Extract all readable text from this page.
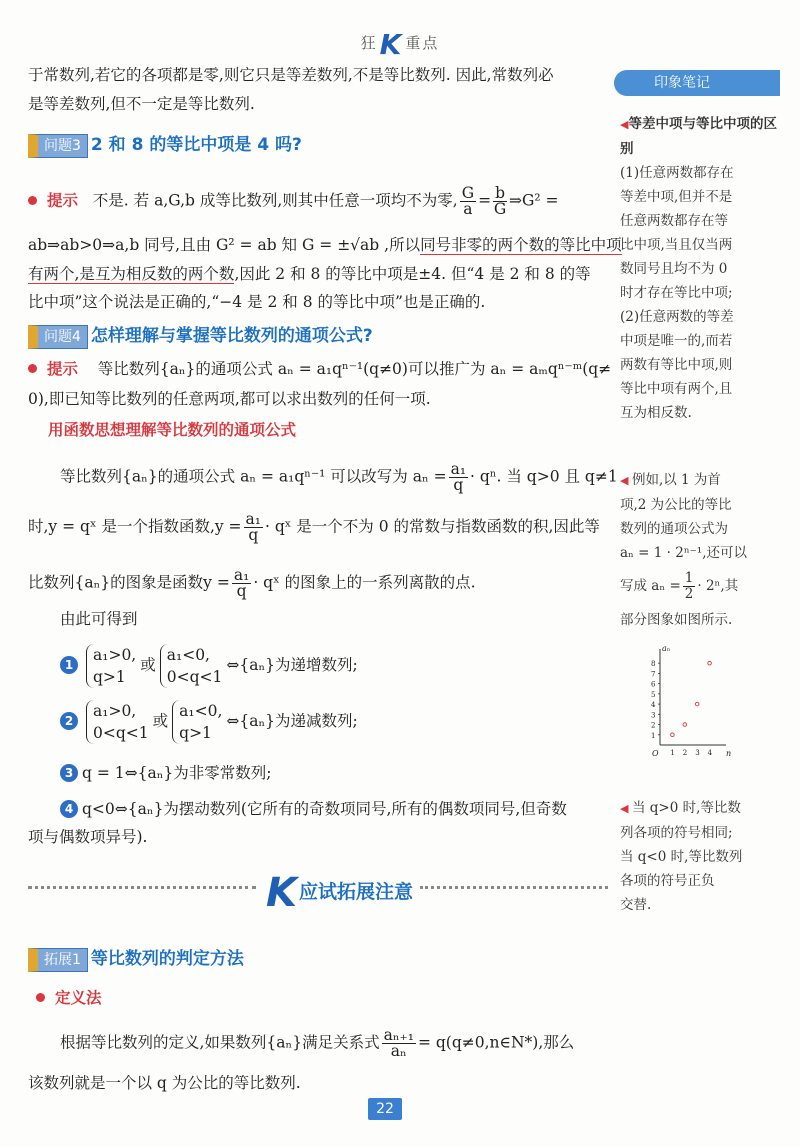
狂K 重点
于常数列,若它的各项都是零,则它只是等差数列,不是等比数列. 因此,常数列必
是等差数列,但不一定是等比数列.
问题3 2 和 8 的等比中项是 4 吗?
提示 不是. 若 a,G,b 成等比数列,则其中任意一项均不为零, $\frac{G}{a} = \frac{b}{G}$ ⇒G² =
ab⇒ab>0⇒a,b 同号,且由 G² = ab 知 G = ±√ab ,所以同号非零的两个数的等比中项
有两个,是互为相反数的两个数,因此 2 和 8 的等比中项是±4. 但“4 是 2 和 8 的等
比中项”这个说法是正确的,“−4 是 2 和 8 的等比中项”也是正确的.
问题4 怎样理解与掌握等比数列的通项公式?
提示 等比数列{aₙ}的通项公式 aₙ = a₁qⁿ⁻¹(q≠0)可以推广为 aₙ = aₘqⁿ⁻ᵐ(q≠
0),即已知等比数列的任意两项,都可以求出数列的任何一项.
用函数思想理解等比数列的通项公式
等比数列{aₙ}的通项公式 aₙ = a₁qⁿ⁻¹ 可以改写为 $a_n = \frac{\text{a₁}}{q} \cdot q^n$. 当 q>0 且 q≠1
时,y = qˣ 是一个指数函数$,y = \frac{\text{a₁}}{q}$ · qˣ 是一个不为 0 的常数与指数函数的积,因此等
比数列{aₙ}的图象是函数$y = \frac{\text{a₁}}{q}$ · qˣ 的图象上的一系列离散的点.
由此可得到
1
a₁>0,
q>1
或
a₁<0,
0<q<1
⇔{aₙ}为递增数列;
2
a₁>0,
0<q<1
或
a₁<0,
q>1
⇔{aₙ}为递减数列;
3 q = 1⇔{aₙ}为非零常数列;
4 q<0⇔{aₙ}为摆动数列(它所有的奇数项同号,所有的偶数项同号,但奇数
项与偶数项异号).
K应试拓展注意
拓展1 等比数列的判定方法
定义法
根据等比数列的定义,如果数列{aₙ}满足关系式 $\frac{\text{aₙ₊₁}}{\text{aₙ}}$ = q(q≠0,n∈N*),那么
该数列就是一个以 q 为公比的等比数列.
印象笔记
◀等差中项与等比中项的区别
(1)任意两数都存在
等差中项,但并不是
任意两数都存在等
比中项,当且仅当两
数同号且均不为 0
时才存在等比中项;
(2)任意两数的等差
中项是唯一的,而若
两数有等比中项,则
等比中项有两个,且
互为相反数.
◀ 例如,以 1 为首
项,2 为公比的等比
数列的通项公式为
aₙ = 1 · 2ⁿ⁻¹,还可以
写成 $a_n = \frac{1}{2} \cdot 2^n$,其
部分图象如图所示.
O	n
aₙ
1 2 3 4
1
2
3
4
5
6
7
8
◀ 当 q>0 时,等比数
列各项的符号相同;
当 q<0 时,等比数列
各项的符号正负
交替.
22
